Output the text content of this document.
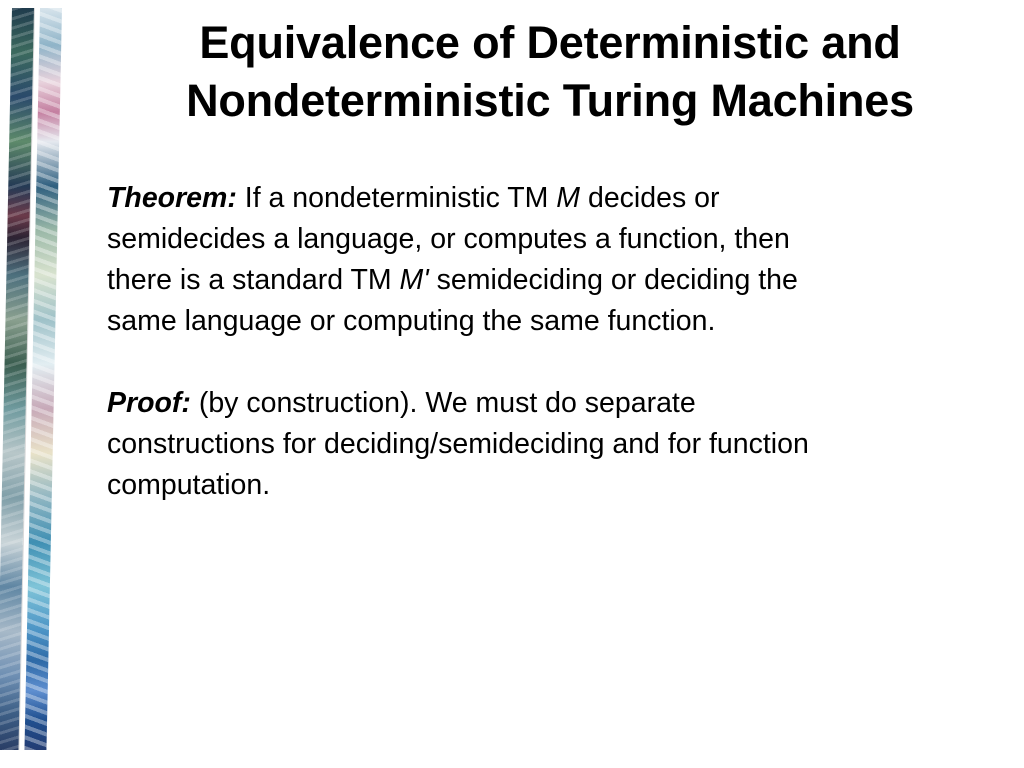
Equivalence of Deterministic and
Nondeterministic Turing Machines

Theorem: If a nondeterministic TM M decides or
semidecides a language, or computes a function, then
there is a standard TM M' semideciding or deciding the
same language or computing the same function.

Proof: (by construction). We must do separate
constructions for deciding/semideciding and for function
computation.
